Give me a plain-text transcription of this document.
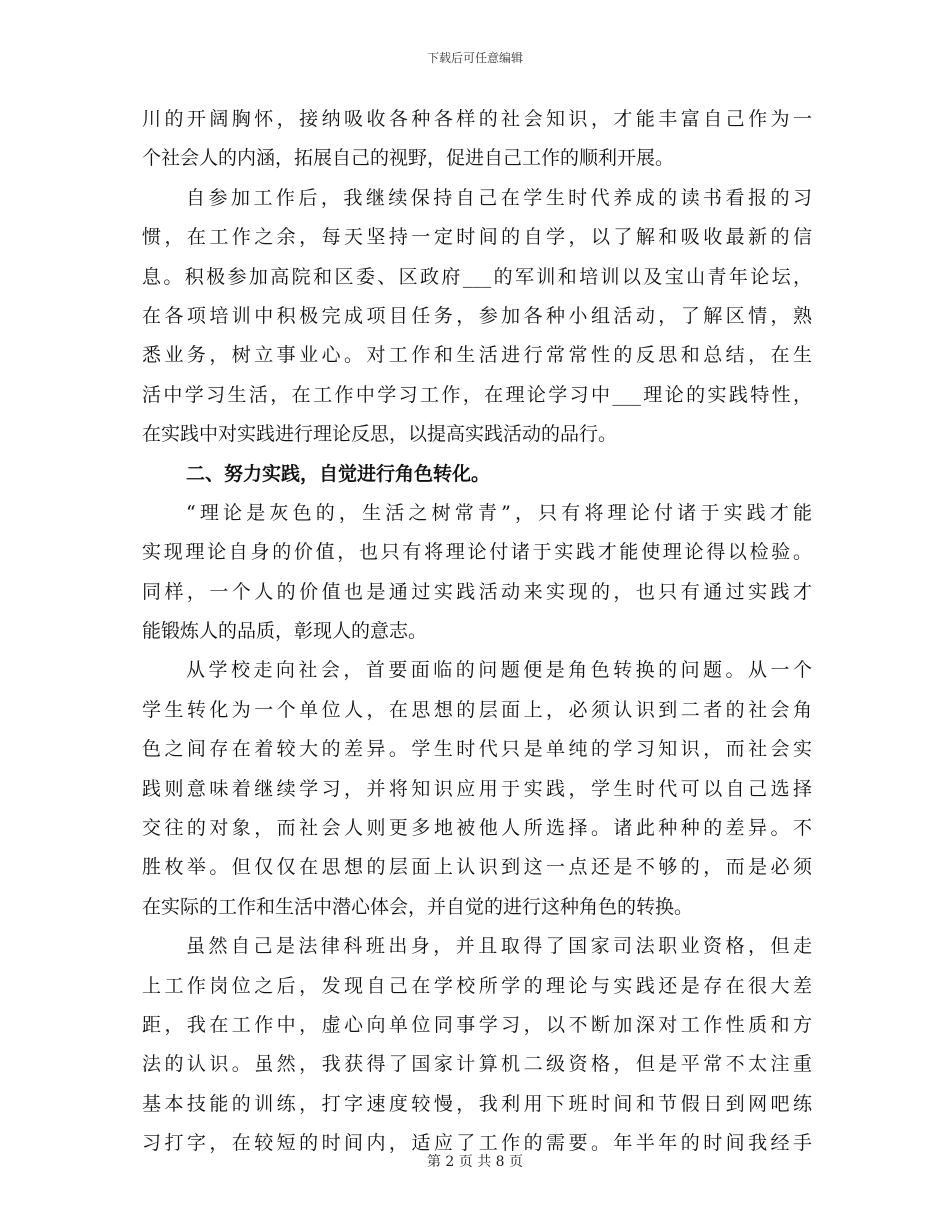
下载后可任意编辑
川的开阔胸怀，接纳吸收各种各样的社会知识，才能丰富自己作为一
个社会人的内涵，拓展自己的视野，促进自己工作的顺利开展。
自参加工作后，我继续保持自己在学生时代养成的读书看报的习
惯，在工作之余，每天坚持一定时间的自学，以了解和吸收最新的信
息。积极参加高院和区委、区政府___的军训和培训以及宝山青年论坛，
在各项培训中积极完成项目任务，参加各种小组活动，了解区情，熟
悉业务，树立事业心。对工作和生活进行常常性的反思和总结，在生
活中学习生活，在工作中学习工作，在理论学习中___理论的实践特性，
在实践中对实践进行理论反思，以提高实践活动的品行。
二、努力实践，自觉进行角色转化。
“理论是灰色的，生活之树常青”，只有将理论付诸于实践才能
实现理论自身的价值，也只有将理论付诸于实践才能使理论得以检验。
同样，一个人的价值也是通过实践活动来实现的，也只有通过实践才
能锻炼人的品质，彰现人的意志。
从学校走向社会，首要面临的问题便是角色转换的问题。从一个
学生转化为一个单位人，在思想的层面上，必须认识到二者的社会角
色之间存在着较大的差异。学生时代只是单纯的学习知识，而社会实
践则意味着继续学习，并将知识应用于实践，学生时代可以自己选择
交往的对象，而社会人则更多地被他人所选择。诸此种种的差异。不
胜枚举。但仅仅在思想的层面上认识到这一点还是不够的，而是必须
在实际的工作和生活中潜心体会，并自觉的进行这种角色的转换。
虽然自己是法律科班出身，并且取得了国家司法职业资格，但走
上工作岗位之后，发现自己在学校所学的理论与实践还是存在很大差
距，我在工作中，虚心向单位同事学习，以不断加深对工作性质和方
法的认识。虽然，我获得了国家计算机二级资格，但是平常不太注重
基本技能的训练，打字速度较慢，我利用下班时间和节假日到网吧练
习打字，在较短的时间内，适应了工作的需要。年半年的时间我经手
第 2 页 共 8 页
